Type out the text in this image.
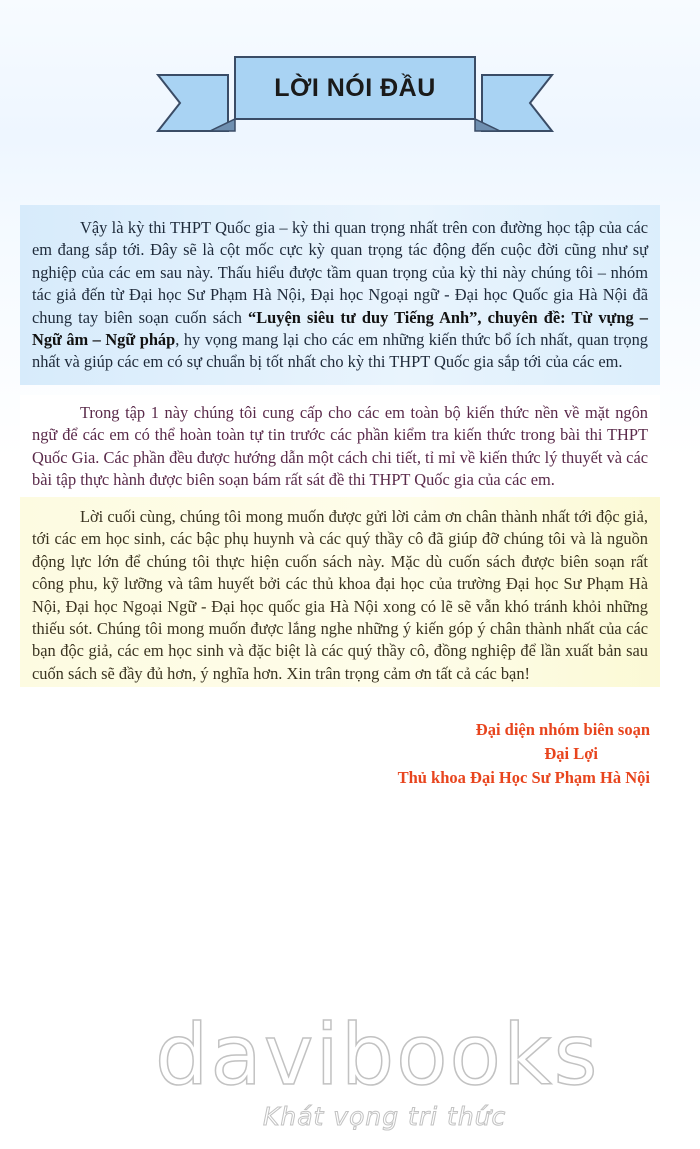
LỜI NÓI ĐẦU

Vậy là kỳ thi THPT Quốc gia – kỳ thi quan trọng nhất trên con đường học tập của các em đang sắp tới. Đây sẽ là cột mốc cực kỳ quan trọng tác động đến cuộc đời cũng như sự nghiệp của các em sau này. Thấu hiểu được tầm quan trọng của kỳ thi này chúng tôi – nhóm tác giả đến từ Đại học Sư Phạm Hà Nội, Đại học Ngoại ngữ - Đại học Quốc gia Hà Nội đã chung tay biên soạn cuốn sách “Luyện siêu tư duy Tiếng Anh”, chuyên đề: Từ vựng – Ngữ âm – Ngữ pháp, hy vọng mang lại cho các em những kiến thức bổ ích nhất, quan trọng nhất và giúp các em có sự chuẩn bị tốt nhất cho kỳ thi THPT Quốc gia sắp tới của các em.

Trong tập 1 này chúng tôi cung cấp cho các em toàn bộ kiến thức nền về mặt ngôn ngữ để các em có thể hoàn toàn tự tin trước các phần kiểm tra kiến thức trong bài thi THPT Quốc Gia. Các phần đều được hướng dẫn một cách chi tiết, tỉ mỉ về kiến thức lý thuyết và các bài tập thực hành được biên soạn bám rất sát đề thi THPT Quốc gia của các em.

Lời cuối cùng, chúng tôi mong muốn được gửi lời cảm ơn chân thành nhất tới độc giả, tới các em học sinh, các bậc phụ huynh và các quý thầy cô đã giúp đỡ chúng tôi và là nguồn động lực lớn để chúng tôi thực hiện cuốn sách này. Mặc dù cuốn sách được biên soạn rất công phu, kỹ lưỡng và tâm huyết bởi các thủ khoa đại học của trường Đại học Sư Phạm Hà Nội, Đại học Ngoại Ngữ - Đại học quốc gia Hà Nội xong có lẽ sẽ vẫn khó tránh khỏi những thiếu sót. Chúng tôi mong muốn được lắng nghe những ý kiến góp ý chân thành nhất của các bạn độc giả, các em học sinh và đặc biệt là các quý thầy cô, đồng nghiệp để lần xuất bản sau cuốn sách sẽ đầy đủ hơn, ý nghĩa hơn. Xin trân trọng cảm ơn tất cả các bạn!

Đại diện nhóm biên soạn
Đại Lợi
Thủ khoa Đại Học Sư Phạm Hà Nội
davibooks
Khát vọng tri thức
